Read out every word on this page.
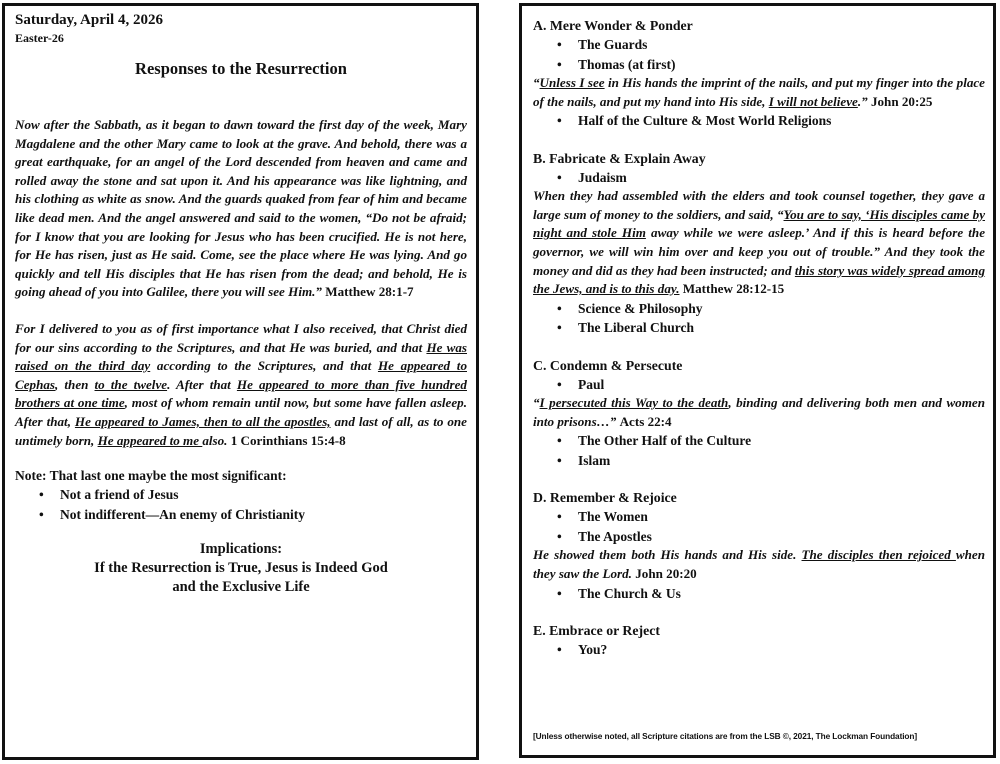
Saturday, April 4, 2026
Easter-26
Responses to the Resurrection
Now after the Sabbath, as it began to dawn toward the first day of the week, Mary Magdalene and the other Mary came to look at the grave. And behold, there was a great earthquake, for an angel of the Lord descended from heaven and came and rolled away the stone and sat upon it. And his appearance was like lightning, and his clothing as white as snow. And the guards quaked from fear of him and became like dead men. And the angel answered and said to the women, “Do not be afraid; for I know that you are looking for Jesus who has been crucified. He is not here, for He has risen, just as He said. Come, see the place where He was lying. And go quickly and tell His disciples that He has risen from the dead; and behold, He is going ahead of you into Galilee, there you will see Him.” Matthew 28:1-7
For I delivered to you as of first importance what I also received, that Christ died for our sins according to the Scriptures, and that He was buried, and that He was raised on the third day according to the Scriptures, and that He appeared to Cephas, then to the twelve. After that He appeared to more than five hundred brothers at one time, most of whom remain until now, but some have fallen asleep. After that, He appeared to James, then to all the apostles, and last of all, as to one untimely born, He appeared to me also. 1 Corinthians 15:4-8
Note: That last one maybe the most significant:
• Not a friend of Jesus
• Not indifferent—An enemy of Christianity
Implications:
If the Resurrection is True, Jesus is Indeed God
and the Exclusive Life
A. Mere Wonder & Ponder
• The Guards
• Thomas (at first)
“Unless I see in His hands the imprint of the nails, and put my finger into the place of the nails, and put my hand into His side, I will not believe.” John 20:25
• Half of the Culture & Most World Religions
B. Fabricate & Explain Away
• Judaism
When they had assembled with the elders and took counsel together, they gave a large sum of money to the soldiers, and said, “You are to say, ‘His disciples came by night and stole Him away while we were asleep.’ And if this is heard before the governor, we will win him over and keep you out of trouble.” And they took the money and did as they had been instructed; and this story was widely spread among the Jews, and is to this day. Matthew 28:12-15
• Science & Philosophy
• The Liberal Church
C. Condemn & Persecute
• Paul
“I persecuted this Way to the death, binding and delivering both men and women into prisons…” Acts 22:4
• The Other Half of the Culture
• Islam
D. Remember & Rejoice
• The Women
• The Apostles
He showed them both His hands and His side. The disciples then rejoiced when they saw the Lord. John 20:20
• The Church & Us
E. Embrace or Reject
• You?
[Unless otherwise noted, all Scripture citations are from the LSB ©, 2021, The Lockman Foundation]
